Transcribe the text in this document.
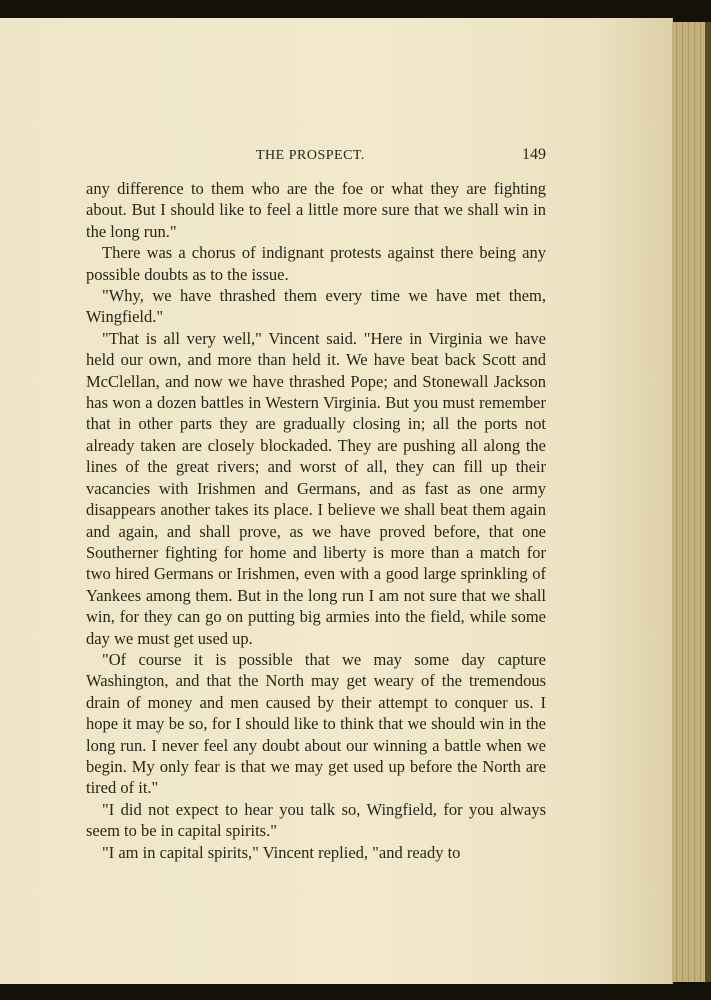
THE PROSPECT.	149

any difference to them who are the foe or what they are fighting about. But I should like to feel a little more sure that we shall win in the long run."

There was a chorus of indignant protests against there being any possible doubts as to the issue.

"Why, we have thrashed them every time we have met them, Wingfield."

"That is all very well," Vincent said. "Here in Virginia we have held our own, and more than held it. We have beat back Scott and McClellan, and now we have thrashed Pope; and Stonewall Jackson has won a dozen battles in Western Virginia. But you must remember that in other parts they are gradually closing in; all the ports not already taken are closely blockaded. They are pushing all along the lines of the great rivers; and worst of all, they can fill up their vacancies with Irishmen and Germans, and as fast as one army disappears another takes its place. I believe we shall beat them again and again, and shall prove, as we have proved before, that one Southerner fighting for home and liberty is more than a match for two hired Germans or Irishmen, even with a good large sprinkling of Yankees among them. But in the long run I am not sure that we shall win, for they can go on putting big armies into the field, while some day we must get used up.

"Of course it is possible that we may some day capture Washington, and that the North may get weary of the tremendous drain of money and men caused by their attempt to conquer us. I hope it may be so, for I should like to think that we should win in the long run. I never feel any doubt about our winning a battle when we begin. My only fear is that we may get used up before the North are tired of it."

"I did not expect to hear you talk so, Wingfield, for you always seem to be in capital spirits."

"I am in capital spirits," Vincent replied, "and ready to
